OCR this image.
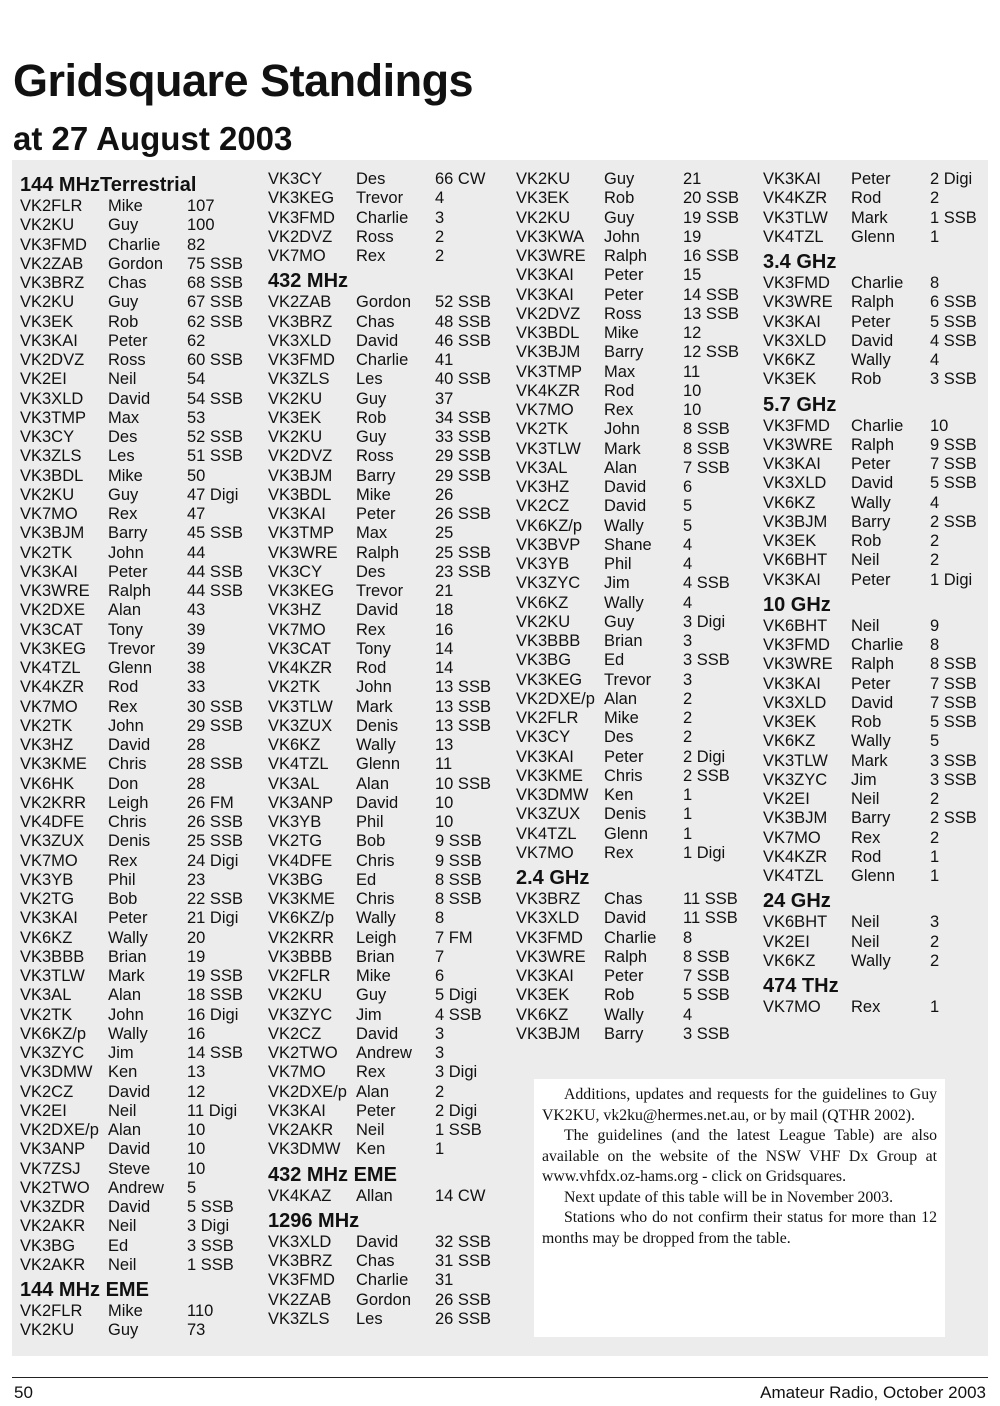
Gridsquare Standings
at 27 August 2003
144 MHzTerrestrial
VK2FLR	Mike	107
VK2KU	Guy	100
VK3FMD	Charlie	82
VK2ZAB	Gordon	75 SSB
VK3BRZ	Chas	68 SSB
VK2KU	Guy	67 SSB
VK3EK	Rob	62 SSB
VK3KAI	Peter	62
VK2DVZ	Ross	60 SSB
VK2EI	Neil	54
VK3XLD	David	54 SSB
VK3TMP	Max	53
VK3CY	Des	52 SSB
VK3ZLS	Les	51 SSB
VK3BDL	Mike	50
VK2KU	Guy	47 Digi
VK7MO	Rex	47
VK3BJM	Barry	45 SSB
VK2TK	John	44
VK3KAI	Peter	44 SSB
VK3WRE	Ralph	44 SSB
VK2DXE	Alan	43
VK3CAT	Tony	39
VK3KEG	Trevor	39
VK4TZL	Glenn	38
VK4KZR	Rod	33
VK7MO	Rex	30 SSB
VK2TK	John	29 SSB
VK3HZ	David	28
VK3KME	Chris	28 SSB
VK6HK	Don	28
VK2KRR	Leigh	26 FM
VK4DFE	Chris	26 SSB
VK3ZUX	Denis	25 SSB
VK7MO	Rex	24 Digi
VK3YB	Phil	23
VK2TG	Bob	22 SSB
VK3KAI	Peter	21 Digi
VK6KZ	Wally	20
VK3BBB	Brian	19
VK3TLW	Mark	19 SSB
VK3AL	Alan	18 SSB
VK2TK	John	16 Digi
VK6KZ/p	Wally	16
VK3ZYC	Jim	14 SSB
VK3DMW Ken	13
VK2CZ	David	12
VK2EI	Neil	11 Digi
VK2DXE/p Alan	10
VK3ANP	David	10
VK7ZSJ	Steve	10
VK2TWO	Andrew	5
VK3ZDR	David	5 SSB
VK2AKR	Neil	3 Digi
VK3BG	Ed	3 SSB
VK2AKR	Neil	1 SSB
144 MHz EME
VK2FLR	Mike	110
VK2KU	Guy	73
VK3CY	Des	66 CW
VK3KEG	Trevor	4
VK3FMD	Charlie	3
VK2DVZ	Ross	2
VK7MO	Rex	2
432 MHz
VK2ZAB	Gordon	52 SSB
VK3BRZ	Chas	48 SSB
VK3XLD	David	46 SSB
VK3FMD	Charlie	41
VK3ZLS	Les	40 SSB
VK2KU	Guy	37
VK3EK	Rob	34 SSB
VK2KU	Guy	33 SSB
VK2DVZ	Ross	29 SSB
VK3BJM	Barry	29 SSB
VK3BDL	Mike	26
VK3KAI	Peter	26 SSB
VK3TMP	Max	25
VK3WRE	Ralph	25 SSB
VK3CY	Des	23 SSB
VK3KEG	Trevor	21
VK3HZ	David	18
VK7MO	Rex	16
VK3CAT	Tony	14
VK4KZR	Rod	14
VK2TK	John	13 SSB
VK3TLW	Mark	13 SSB
VK3ZUX	Denis	13 SSB
VK6KZ	Wally	13
VK4TZL	Glenn	11
VK3AL	Alan	10 SSB
VK3ANP	David	10
VK3YB	Phil	10
VK2TG	Bob	9 SSB
VK4DFE	Chris	9 SSB
VK3BG	Ed	8 SSB
VK3KME	Chris	8 SSB
VK6KZ/p	Wally	8
VK2KRR	Leigh	7 FM
VK3BBB	Brian	7
VK2FLR	Mike	6
VK2KU	Guy	5 Digi
VK3ZYC	Jim	4 SSB
VK2CZ	David	3
VK2TWO	Andrew	3
VK7MO	Rex	3 Digi
VK2DXE/p Alan	2
VK3KAI	Peter	2 Digi
VK2AKR	Neil	1 SSB
VK3DMW Ken	1
432 MHz EME
VK4KAZ	Allan	14 CW
1296 MHz
VK3XLD	David	32 SSB
VK3BRZ	Chas	31 SSB
VK3FMD	Charlie	31
VK2ZAB	Gordon	26 SSB
VK3ZLS	Les	26 SSB
VK2KU	Guy	21
VK3EK	Rob	20 SSB
VK2KU	Guy	19 SSB
VK3KWA	John	19
VK3WRE	Ralph	16 SSB
VK3KAI	Peter	15
VK3KAI	Peter	14 SSB
VK2DVZ	Ross	13 SSB
VK3BDL	Mike	12
VK3BJM	Barry	12 SSB
VK3TMP	Max	11
VK4KZR	Rod	10
VK7MO	Rex	10
VK2TK	John	8 SSB
VK3TLW	Mark	8 SSB
VK3AL	Alan	7 SSB
VK3HZ	David	6
VK2CZ	David	5
VK6KZ/p	Wally	5
VK3BVP	Shane	4
VK3YB	Phil	4
VK3ZYC	Jim	4 SSB
VK6KZ	Wally	4
VK2KU	Guy	3 Digi
VK3BBB	Brian	3
VK3BG	Ed	3 SSB
VK3KEG	Trevor	3
VK2DXE/p Alan	2
VK2FLR	Mike	2
VK3CY	Des	2
VK3KAI	Peter	2 Digi
VK3KME	Chris	2 SSB
VK3DMW Ken	1
VK3ZUX	Denis	1
VK4TZL	Glenn	1
VK7MO	Rex	1 Digi
2.4 GHz
VK3BRZ	Chas	11 SSB
VK3XLD	David	11 SSB
VK3FMD	Charlie	8
VK3WRE	Ralph	8 SSB
VK3KAI	Peter	7 SSB
VK3EK	Rob	5 SSB
VK6KZ	Wally	4
VK3BJM	Barry	3 SSB
VK3KAI	Peter	2 Digi
VK4KZR	Rod	2
VK3TLW	Mark	1 SSB
VK4TZL	Glenn	1
3.4 GHz
VK3FMD	Charlie	8
VK3WRE	Ralph	6 SSB
VK3KAI	Peter	5 SSB
VK3XLD	David	4 SSB
VK6KZ	Wally	4
VK3EK	Rob	3 SSB
5.7 GHz
VK3FMD	Charlie	10
VK3WRE	Ralph	9 SSB
VK3KAI	Peter	7 SSB
VK3XLD	David	5 SSB
VK6KZ	Wally	4
VK3BJM	Barry	2 SSB
VK3EK	Rob	2
VK6BHT	Neil	2
VK3KAI	Peter	1 Digi
10 GHz
VK6BHT	Neil	9
VK3FMD	Charlie	8
VK3WRE	Ralph	8 SSB
VK3KAI	Peter	7 SSB
VK3XLD	David	7 SSB
VK3EK	Rob	5 SSB
VK6KZ	Wally	5
VK3TLW	Mark	3 SSB
VK3ZYC	Jim	3 SSB
VK2EI	Neil	2
VK3BJM	Barry	2 SSB
VK7MO	Rex	2
VK4KZR	Rod	1
VK4TZL	Glenn	1
24 GHz
VK6BHT	Neil	3
VK2EI	Neil	2
VK6KZ	Wally	2
474 THz
VK7MO	Rex	1

Additions, updates and requests for the guidelines to Guy VK2KU, vk2ku@hermes.net.au, or by mail (QTHR 2002).

The guidelines (and the latest League Table) are also available on the website of the NSW VHF Dx Group at www.vhfdx.oz-hams.org - click on Gridsquares.

Next update of this table will be in November 2003.

Stations who do not confirm their status for more than 12 months may be dropped from the table.

50	Amateur Radio, October 2003
